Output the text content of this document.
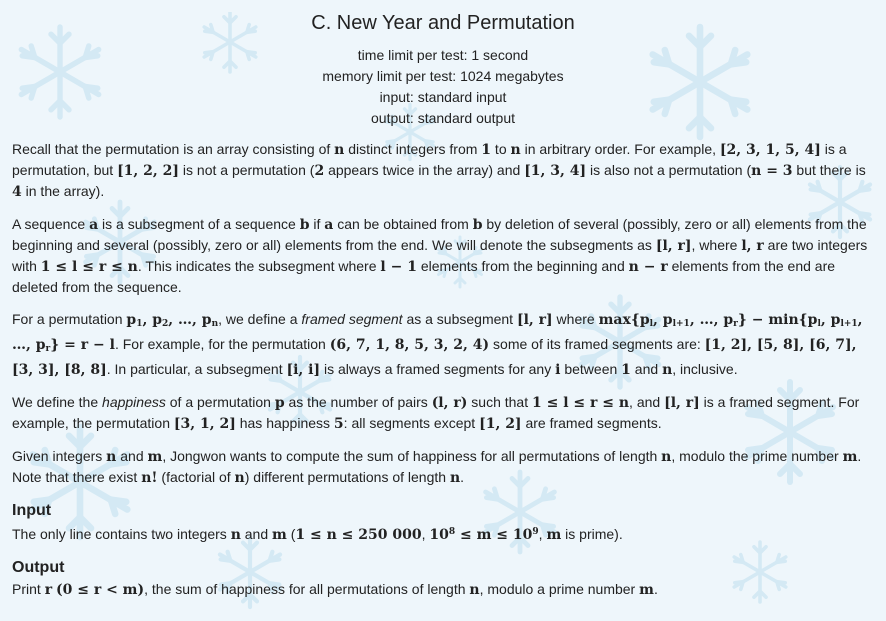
C. New Year and Permutation
time limit per test: 1 second
memory limit per test: 1024 megabytes
input: standard input
output: standard output

Recall that the permutation is an array consisting of n distinct integers from 1 to n in arbitrary order. For example, [2, 3, 1, 5, 4] is a permutation, but [1, 2, 2] is not a permutation (2 appears twice in the array) and [1, 3, 4] is also not a permutation (n = 3 but there is 4 in the array).

A sequence a is a subsegment of a sequence b if a can be obtained from b by deletion of several (possibly, zero or all) elements from the beginning and several (possibly, zero or all) elements from the end. We will denote the subsegments as [l, r], where l, r are two integers with 1 ≤ l ≤ r ≤ n. This indicates the subsegment where l − 1 elements from the beginning and n − r elements from the end are deleted from the sequence.

For a permutation $p_1$, $p_2$, …, $p_n$, we define a framed segment as a subsegment [l, r] where $\max\{p_l$, $p_{l+1}$, …, $p_r\} - \min\{p_l$, $p_{l+1}$, …, $p_r\} = r - l$. For example, for the permutation (6, 7, 1, 8, 5, 3, 2, 4) some of its framed segments are: [1, 2], [5, 8], [6, 7], [3, 3], [8, 8]. In particular, a subsegment [i, i] is always a framed segments for any i between 1 and n, inclusive.

We define the happiness of a permutation p as the number of pairs (l, r) such that 1 ≤ l ≤ r ≤ n, and [l, r] is a framed segment. For example, the permutation [3, 1, 2] has happiness 5: all segments except [1, 2] are framed segments.

Given integers n and m, Jongwon wants to compute the sum of happiness for all permutations of length n, modulo the prime number m. Note that there exist n! (factorial of n) different permutations of length n.

Input

The only line contains two integers n and m (1 ≤ n ≤ 250 000, $10^8 \le m \le 10^9$, m is prime).

Output

Print r (0 ≤ r < m), the sum of happiness for all permutations of length n, modulo a prime number m.
